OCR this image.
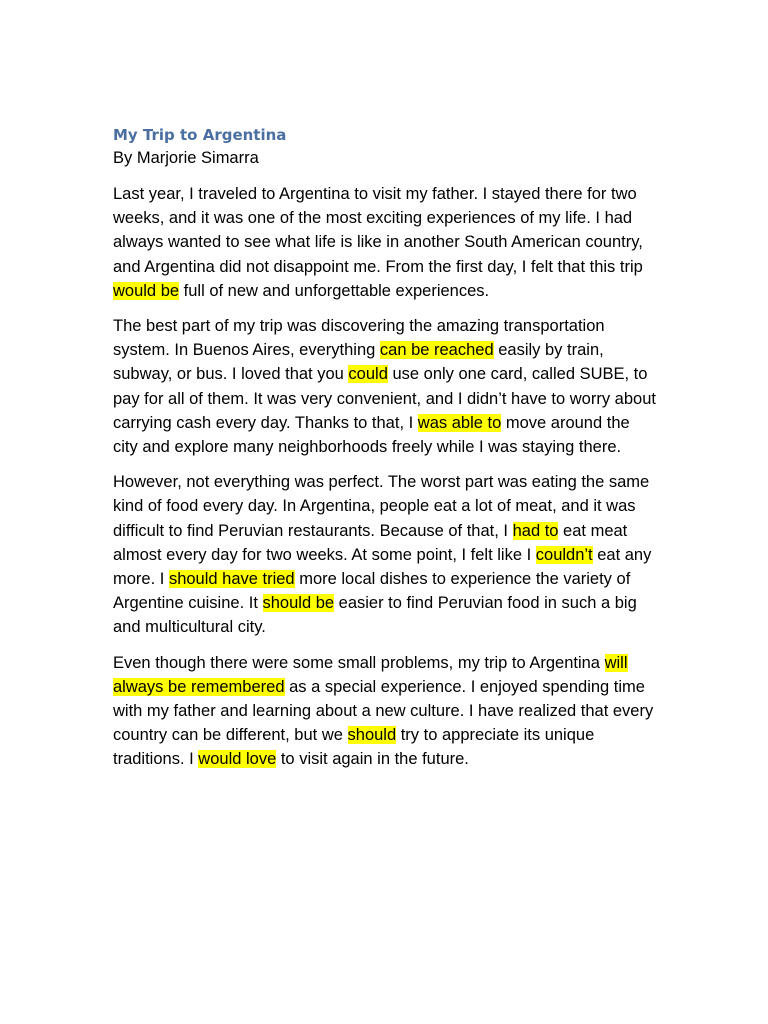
My Trip to Argentina

By Marjorie Simarra

Last year, I traveled to Argentina to visit my father. I stayed there for two weeks, and it was one of the most exciting experiences of my life. I had always wanted to see what life is like in another South American country, and Argentina did not disappoint me. From the first day, I felt that this trip would be full of new and unforgettable experiences.

The best part of my trip was discovering the amazing transportation system. In Buenos Aires, everything can be reached easily by train, subway, or bus. I loved that you could use only one card, called SUBE, to pay for all of them. It was very convenient, and I didn’t have to worry about carrying cash every day. Thanks to that, I was able to move around the city and explore many neighborhoods freely while I was staying there.

However, not everything was perfect. The worst part was eating the same kind of food every day. In Argentina, people eat a lot of meat, and it was difficult to find Peruvian restaurants. Because of that, I had to eat meat almost every day for two weeks. At some point, I felt like I couldn’t eat any more. I should have tried more local dishes to experience the variety of Argentine cuisine. It should be easier to find Peruvian food in such a big and multicultural city.

Even though there were some small problems, my trip to Argentina will always be remembered as a special experience. I enjoyed spending time with my father and learning about a new culture. I have realized that every country can be different, but we should try to appreciate its unique traditions. I would love to visit again in the future.
